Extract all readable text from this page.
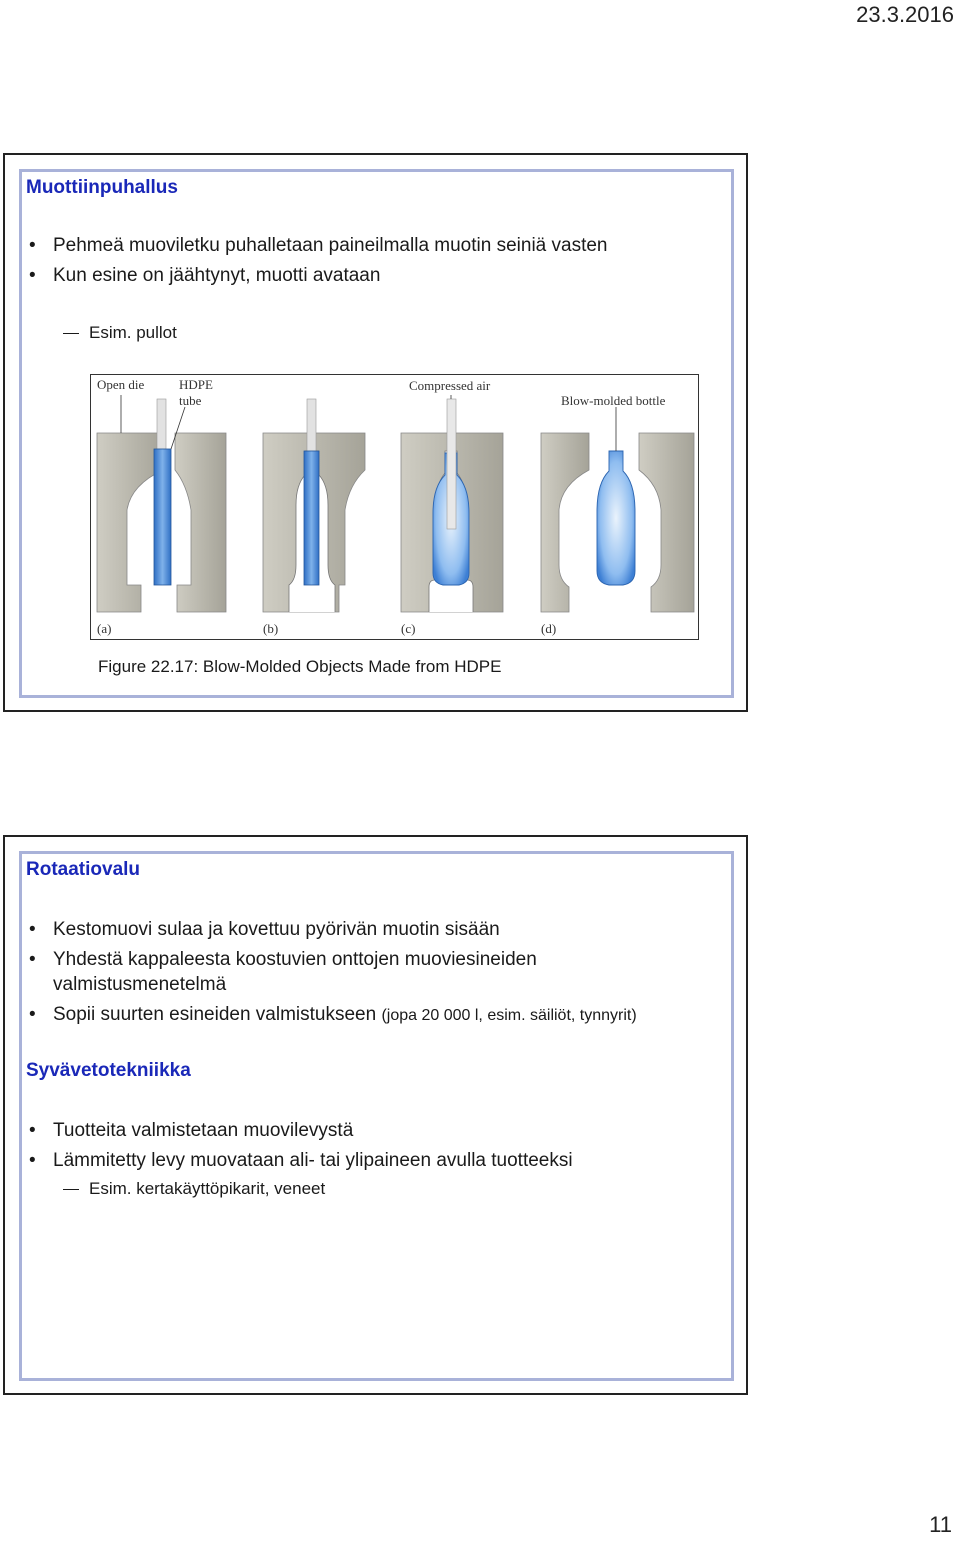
23.3.2016
Muottiinpuhallus
• Pehmeä muoviletku puhalletaan paineilmalla muotin seiniä vasten
• Kun esine on jäähtynyt, muotti avataan
Esim. pullot
Open die	HDPE
tube
Compressed air
Blow-molded bottle
(a)	(b)	(c)	(d)
Figure 22.17: Blow-Molded Objects Made from HDPE
Rotaatiovalu
• Kestomuovi sulaa ja kovettuu pyörivän muotin sisään
• Yhdestä kappaleesta koostuvien onttojen muoviesineiden
valmistusmenetelmä
• Sopii suurten esineiden valmistukseen (jopa 20 000 l, esim. säiliöt, tynnyrit)
Syvävetotekniikka
• Tuotteita valmistetaan muovilevystä
• Lämmitetty levy muovataan ali- tai ylipaineen avulla tuotteeksi
Esim. kertakäyttöpikarit, veneet
11
